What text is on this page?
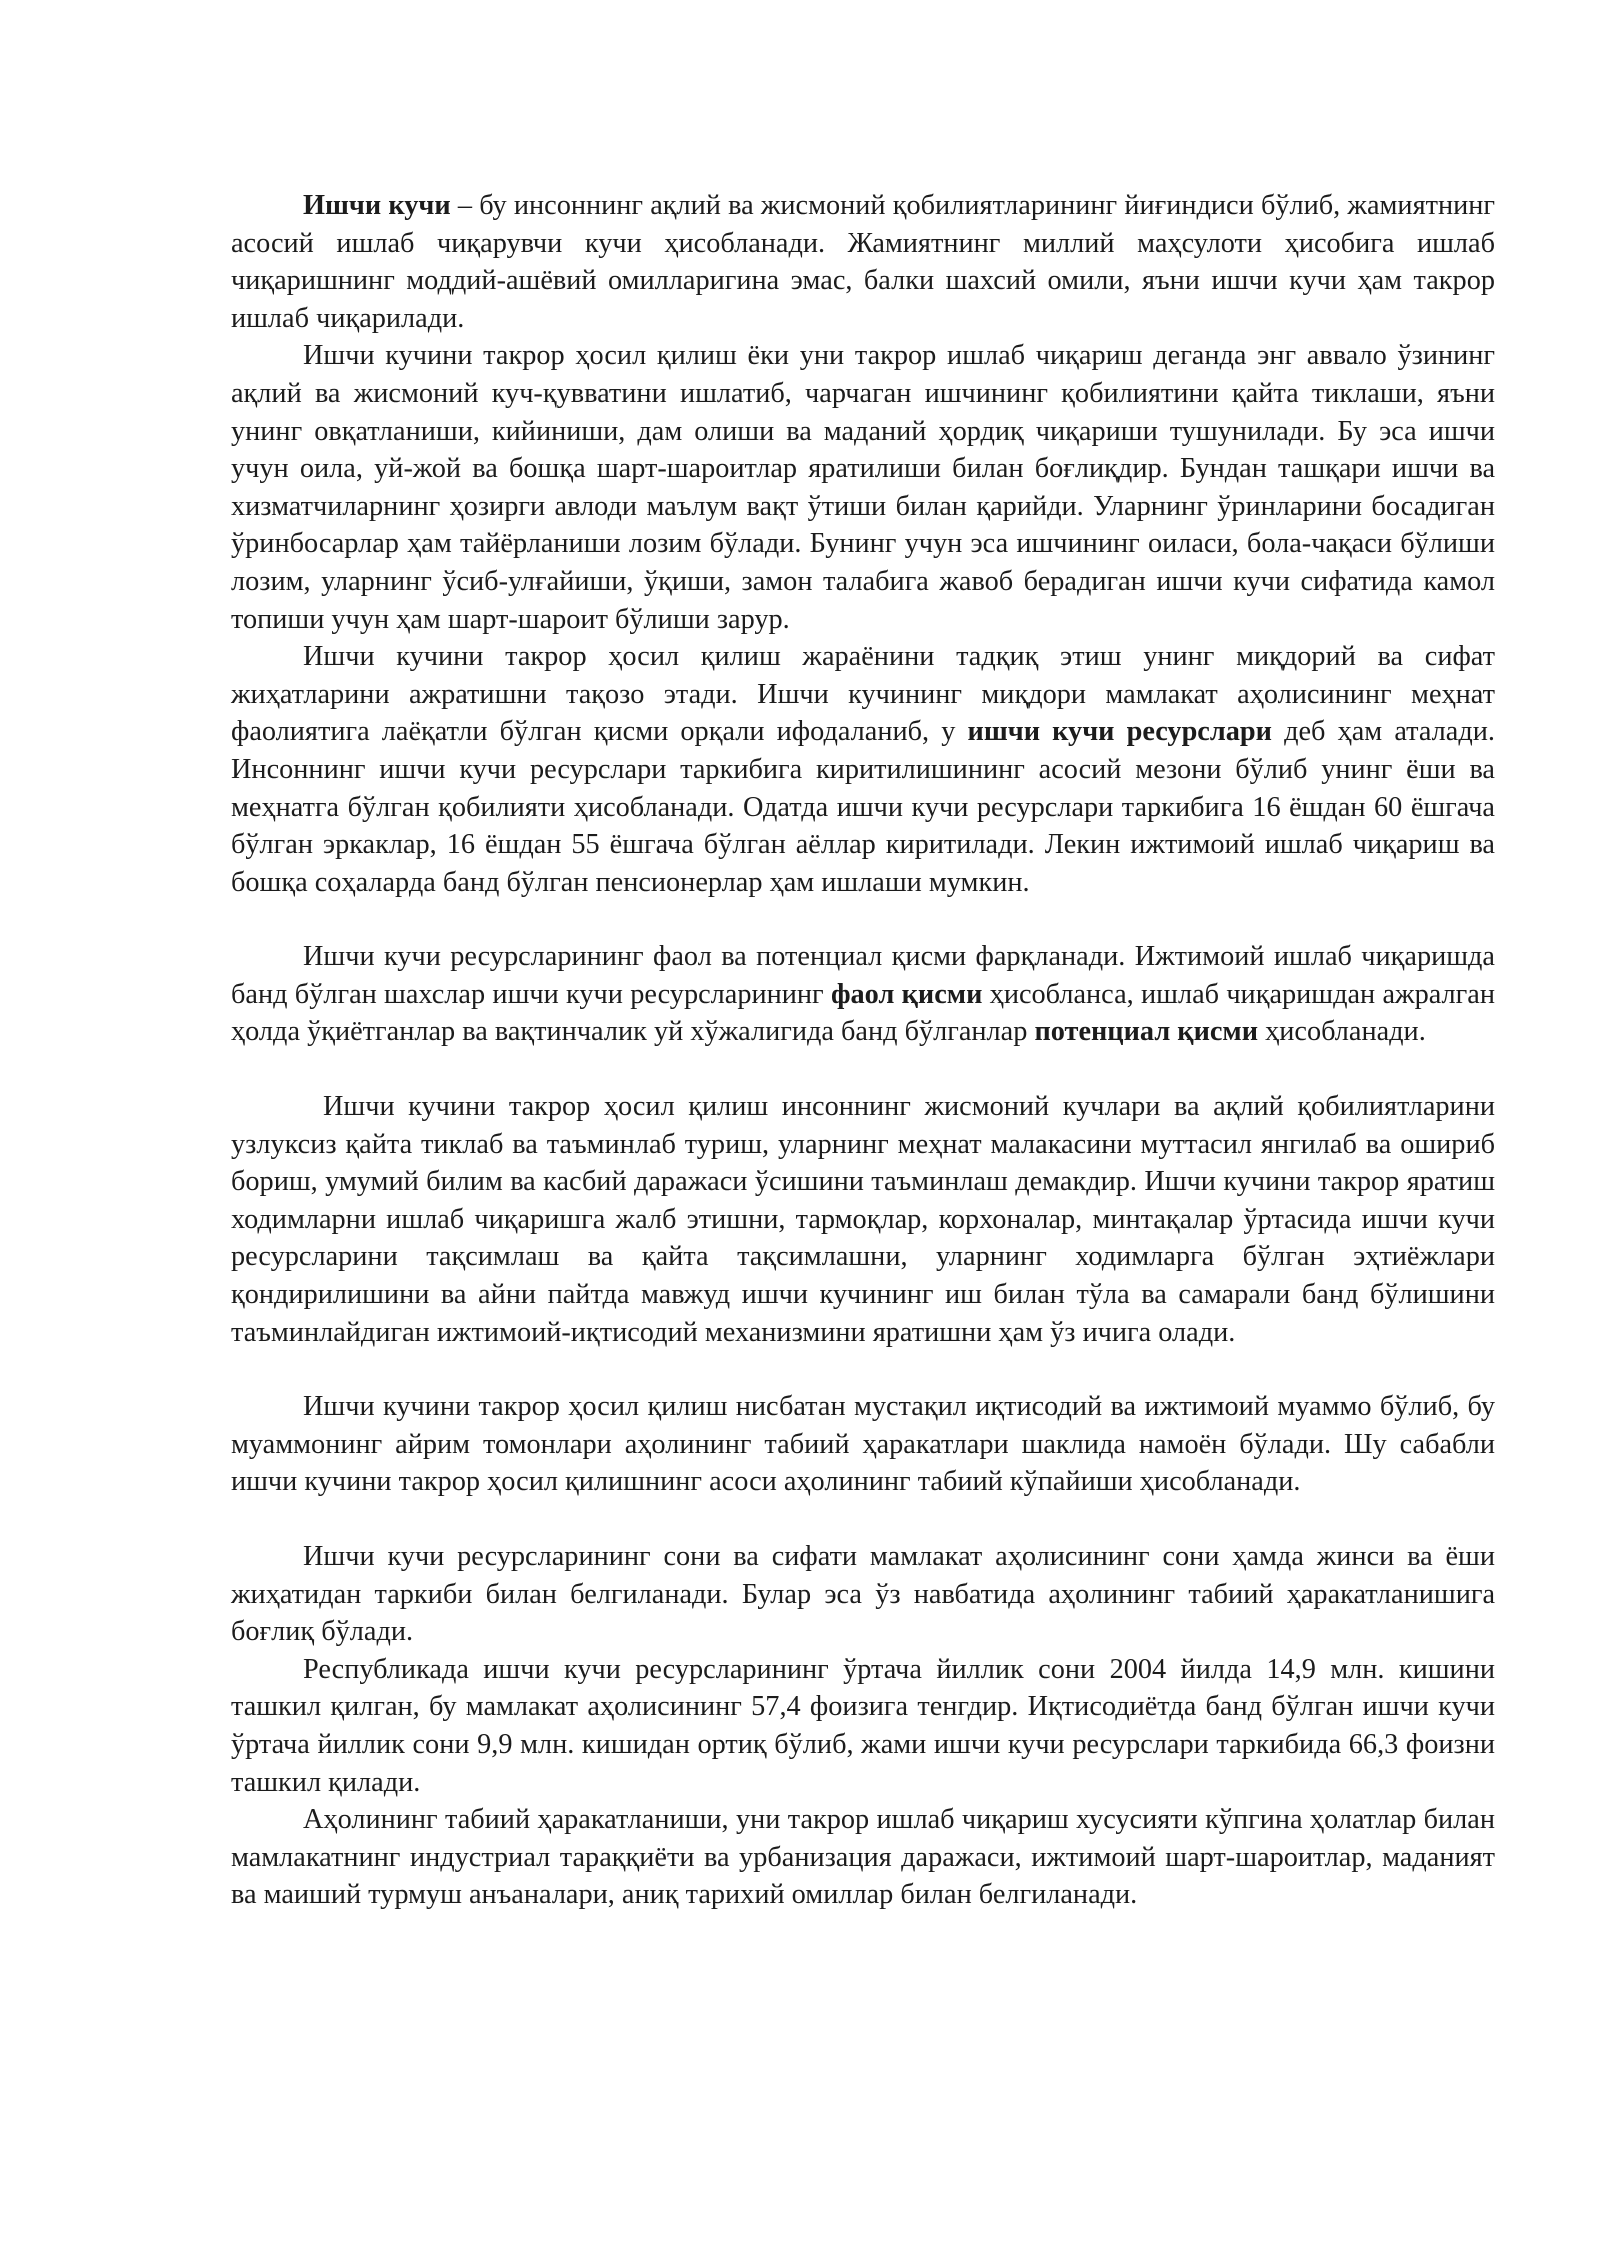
Ишчи кучи – бу инсоннинг ақлий ва жисмоний қобилиятларининг йиғиндиси бўлиб, жамиятнинг асосий ишлаб чиқарувчи кучи ҳисобланади. Жамиятнинг миллий маҳсулоти ҳисобига ишлаб чиқаришнинг моддий-ашёвий омилларигина эмас, балки шахсий омили, яъни ишчи кучи ҳам такрор ишлаб чиқарилади.

Ишчи кучини такрор ҳосил қилиш ёки уни такрор ишлаб чиқариш деганда энг аввало ўзининг ақлий ва жисмоний куч-қувватини ишлатиб, чарчаган ишчининг қобилиятини қайта тиклаши, яъни унинг овқатланиши, кийиниши, дам олиши ва маданий ҳордиқ чиқариши тушунилади. Бу эса ишчи учун оила, уй-жой ва бошқа шарт-шароитлар яратилиши билан боғлиқдир. Бундан ташқари ишчи ва хизматчиларнинг ҳозирги авлоди маълум вақт ўтиши билан қарийди. Уларнинг ўринларини босадиган ўринбосарлар ҳам тайёрланиши лозим бўлади. Бунинг учун эса ишчининг оиласи, бола-чақаси бўлиши лозим, уларнинг ўсиб-улғайиши, ўқиши, замон талабига жавоб берадиган ишчи кучи сифатида камол топиши учун ҳам шарт-шароит бўлиши зарур.

Ишчи кучини такрор ҳосил қилиш жараёнини тадқиқ этиш унинг миқдорий ва сифат жиҳатларини ажратишни тақозо этади. Ишчи кучининг миқдори мамлакат аҳолисининг меҳнат фаолиятига лаёқатли бўлган қисми орқали ифодаланиб, у ишчи кучи ресурслари деб ҳам аталади. Инсоннинг ишчи кучи ресурслари таркибига киритилишининг асосий мезони бўлиб унинг ёши ва меҳнатга бўлган қобилияти ҳисобланади. Одатда ишчи кучи ресурслари таркибига 16 ёшдан 60 ёшгача бўлган эркаклар, 16 ёшдан 55 ёшгача бўлган аёллар киритилади. Лекин ижтимоий ишлаб чиқариш ва бошқа соҳаларда банд бўлган пенсионерлар ҳам ишлаши мумкин.

Ишчи кучи ресурсларининг фаол ва потенциал қисми фарқланади. Ижтимоий ишлаб чиқаришда банд бўлган шахслар ишчи кучи ресурсларининг фаол қисми ҳисобланса, ишлаб чиқаришдан ажралган ҳолда ўқиётганлар ва вақтинчалик уй хўжалигида банд бўлганлар потенциал қисми ҳисобланади.

Ишчи кучини такрор ҳосил қилиш инсоннинг жисмоний кучлари ва ақлий қобилиятларини узлуксиз қайта тиклаб ва таъминлаб туриш, уларнинг меҳнат малакасини муттасил янгилаб ва ошириб бориш, умумий билим ва касбий даражаси ўсишини таъминлаш демакдир. Ишчи кучини такрор яратиш ходимларни ишлаб чиқаришга жалб этишни, тармоқлар, корхоналар, минтақалар ўртасида ишчи кучи ресурсларини тақсимлаш ва қайта тақсимлашни, уларнинг ходимларга бўлган эҳтиёжлари қондирилишини ва айни пайтда мавжуд ишчи кучининг иш билан тўла ва самарали банд бўлишини таъминлайдиган ижтимоий-иқтисодий механизмини яратишни ҳам ўз ичига олади.

Ишчи кучини такрор ҳосил қилиш нисбатан мустақил иқтисодий ва ижтимоий муаммо бўлиб, бу муаммонинг айрим томонлари аҳолининг табиий ҳаракатлари шаклида намоён бўлади. Шу сабабли ишчи кучини такрор ҳосил қилишнинг асоси аҳолининг табиий кўпайиши ҳисобланади.

Ишчи кучи ресурсларининг сони ва сифати мамлакат аҳолисининг сони ҳамда жинси ва ёши жиҳатидан таркиби билан белгиланади. Булар эса ўз навбатида аҳолининг табиий ҳаракатланишига боғлиқ бўлади.

Республикада ишчи кучи ресурсларининг ўртача йиллик сони 2004 йилда 14,9 млн. кишини ташкил қилган, бу мамлакат аҳолисининг 57,4 фоизига тенгдир. Иқтисодиётда банд бўлган ишчи кучи ўртача йиллик сони 9,9 млн. кишидан ортиқ бўлиб, жами ишчи кучи ресурслари таркибида 66,3 фоизни ташкил қилади.

Аҳолининг табиий ҳаракатланиши, уни такрор ишлаб чиқариш хусусияти кўпгина ҳолатлар билан мамлакатнинг индустриал тараққиёти ва урбанизация даражаси, ижтимоий шарт-шароитлар, маданият ва маиший турмуш анъаналари, аниқ тарихий омиллар билан белгиланади.
